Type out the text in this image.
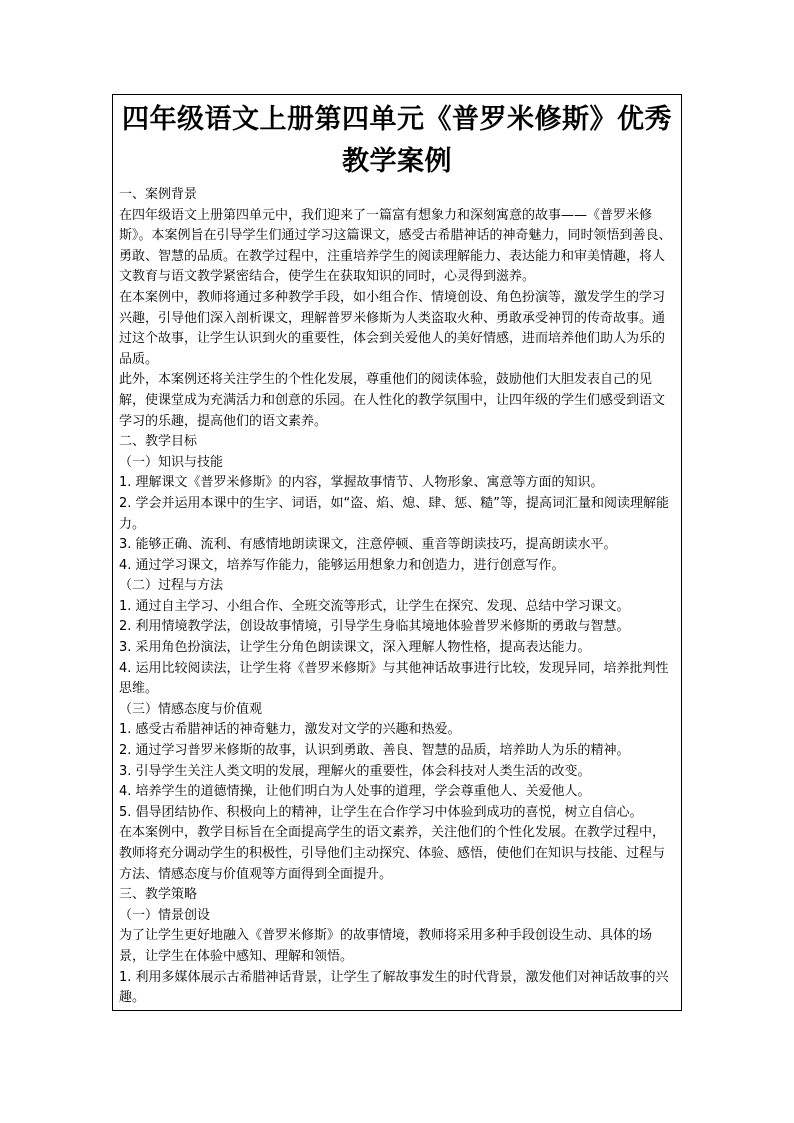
四年级语文上册第四单元《普罗米修斯》优秀教学案例
一、案例背景
在四年级语文上册第四单元中，我们迎来了一篇富有想象力和深刻寓意的故事——《普罗米修斯》。本案例旨在引导学生们通过学习这篇课文，感受古希腊神话的神奇魅力，同时领悟到善良、勇敢、智慧的品质。在教学过程中，注重培养学生的阅读理解能力、表达能力和审美情趣，将人文教育与语文教学紧密结合，使学生在获取知识的同时，心灵得到滋养。
在本案例中，教师将通过多种教学手段，如小组合作、情境创设、角色扮演等，激发学生的学习兴趣，引导他们深入剖析课文，理解普罗米修斯为人类盗取火种、勇敢承受神罚的传奇故事。通过这个故事，让学生认识到火的重要性，体会到关爱他人的美好情感，进而培养他们助人为乐的品质。
此外，本案例还将关注学生的个性化发展，尊重他们的阅读体验，鼓励他们大胆发表自己的见解，使课堂成为充满活力和创意的乐园。在人性化的教学氛围中，让四年级的学生们感受到语文学习的乐趣，提高他们的语文素养。
二、教学目标
（一）知识与技能
1. 理解课文《普罗米修斯》的内容，掌握故事情节、人物形象、寓意等方面的知识。
2. 学会并运用本课中的生字、词语，如“盗、焰、熄、肆、惩、糙”等，提高词汇量和阅读理解能力。
3. 能够正确、流利、有感情地朗读课文，注意停顿、重音等朗读技巧，提高朗读水平。
4. 通过学习课文，培养写作能力，能够运用想象力和创造力，进行创意写作。
（二）过程与方法
1. 通过自主学习、小组合作、全班交流等形式，让学生在探究、发现、总结中学习课文。
2. 利用情境教学法，创设故事情境，引导学生身临其境地体验普罗米修斯的勇敢与智慧。
3. 采用角色扮演法，让学生分角色朗读课文，深入理解人物性格，提高表达能力。
4. 运用比较阅读法，让学生将《普罗米修斯》与其他神话故事进行比较，发现异同，培养批判性思维。
（三）情感态度与价值观
1. 感受古希腊神话的神奇魅力，激发对文学的兴趣和热爱。
2. 通过学习普罗米修斯的故事，认识到勇敢、善良、智慧的品质，培养助人为乐的精神。
3. 引导学生关注人类文明的发展，理解火的重要性，体会科技对人类生活的改变。
4. 培养学生的道德情操，让他们明白为人处事的道理，学会尊重他人、关爱他人。
5. 倡导团结协作、积极向上的精神，让学生在合作学习中体验到成功的喜悦，树立自信心。
在本案例中，教学目标旨在全面提高学生的语文素养，关注他们的个性化发展。在教学过程中，教师将充分调动学生的积极性，引导他们主动探究、体验、感悟，使他们在知识与技能、过程与方法、情感态度与价值观等方面得到全面提升。
三、教学策略
（一）情景创设
为了让学生更好地融入《普罗米修斯》的故事情境，教师将采用多种手段创设生动、具体的场景，让学生在体验中感知、理解和领悟。
1. 利用多媒体展示古希腊神话背景，让学生了解故事发生的时代背景，激发他们对神话故事的兴趣。
